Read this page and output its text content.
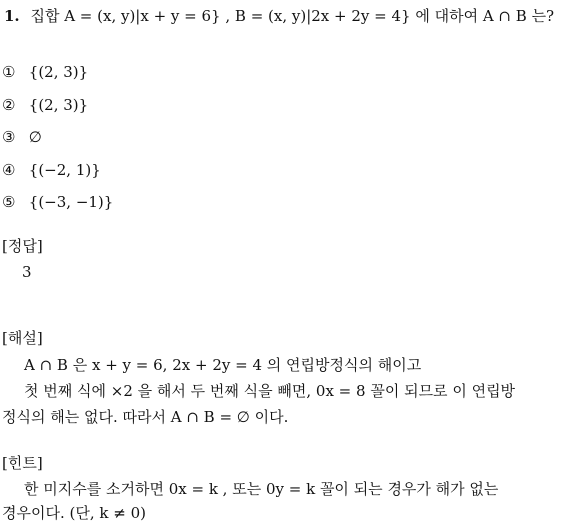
1. 집합 A = (x, y)|x + y = 6} , B = (x, y)|2x + 2y = 4} 에 대하여 A ∩ B 는?
① {(2, 3)}
② {(2, 3)}
③ ∅
④ {(−2, 1)}
⑤ {(−3, −1)}
[정답]
3
[해설]
A ∩ B 은 x + y = 6, 2x + 2y = 4 의 연립방정식의 해이고
첫 번째 식에 ×2 을 해서 두 번째 식을 빼면, 0x = 8 꼴이 되므로 이 연립방
정식의 해는 없다. 따라서 A ∩ B = ∅ 이다.
[힌트]
한 미지수를 소거하면 0x = k , 또는 0y = k 꼴이 되는 경우가 해가 없는
경우이다. (단, k ≠ 0)
